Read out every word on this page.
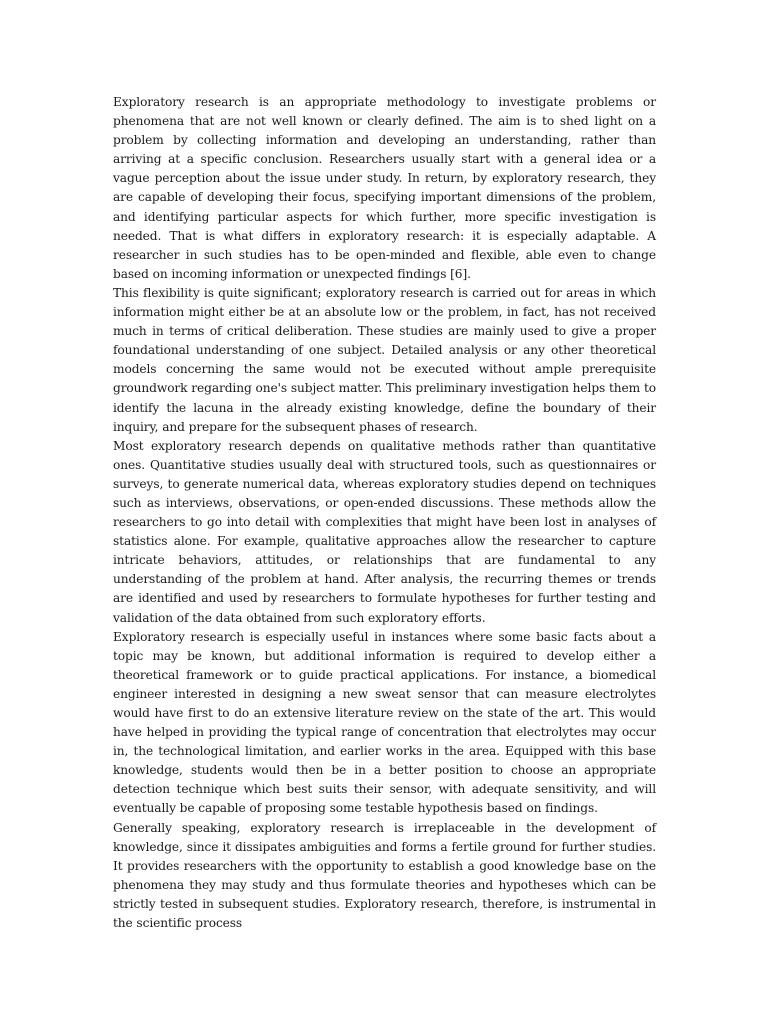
Exploratory research is an appropriate methodology to investigate problems or phenomena that are not well known or clearly defined. The aim is to shed light on a problem by collecting information and developing an understanding, rather than arriving at a specific conclusion. Researchers usually start with a general idea or a vague perception about the issue under study. In return, by exploratory research, they are capable of developing their focus, specifying important dimensions of the problem, and identifying particular aspects for which further, more specific investigation is needed. That is what differs in exploratory research: it is especially adaptable. A researcher in such studies has to be open-minded and flexible, able even to change based on incoming information or unexpected findings [6].

This flexibility is quite significant; exploratory research is carried out for areas in which information might either be at an absolute low or the problem, in fact, has not received much in terms of critical deliberation. These studies are mainly used to give a proper foundational understanding of one subject. Detailed analysis or any other theoretical models concerning the same would not be executed without ample prerequisite groundwork regarding one's subject matter. This preliminary investigation helps them to identify the lacuna in the already existing knowledge, define the boundary of their inquiry, and prepare for the subsequent phases of research.

Most exploratory research depends on qualitative methods rather than quantitative ones. Quantitative studies usually deal with structured tools, such as questionnaires or surveys, to generate numerical data, whereas exploratory studies depend on techniques such as interviews, observations, or open-ended discussions. These methods allow the researchers to go into detail with complexities that might have been lost in analyses of statistics alone. For example, qualitative approaches allow the researcher to capture intricate behaviors, attitudes, or relationships that are fundamental to any understanding of the problem at hand. After analysis, the recurring themes or trends are identified and used by researchers to formulate hypotheses for further testing and validation of the data obtained from such exploratory efforts.

Exploratory research is especially useful in instances where some basic facts about a topic may be known, but additional information is required to develop either a theoretical framework or to guide practical applications. For instance, a biomedical engineer interested in designing a new sweat sensor that can measure electrolytes would have first to do an extensive literature review on the state of the art. This would have helped in providing the typical range of concentration that electrolytes may occur in, the technological limitation, and earlier works in the area. Equipped with this base knowledge, students would then be in a better position to choose an appropriate detection technique which best suits their sensor, with adequate sensitivity, and will eventually be capable of proposing some testable hypothesis based on findings.

Generally speaking, exploratory research is irreplaceable in the development of knowledge, since it dissipates ambiguities and forms a fertile ground for further studies. It provides researchers with the opportunity to establish a good knowledge base on the phenomena they may study and thus formulate theories and hypotheses which can be strictly tested in subsequent studies. Exploratory research, therefore, is instrumental in the scientific process
